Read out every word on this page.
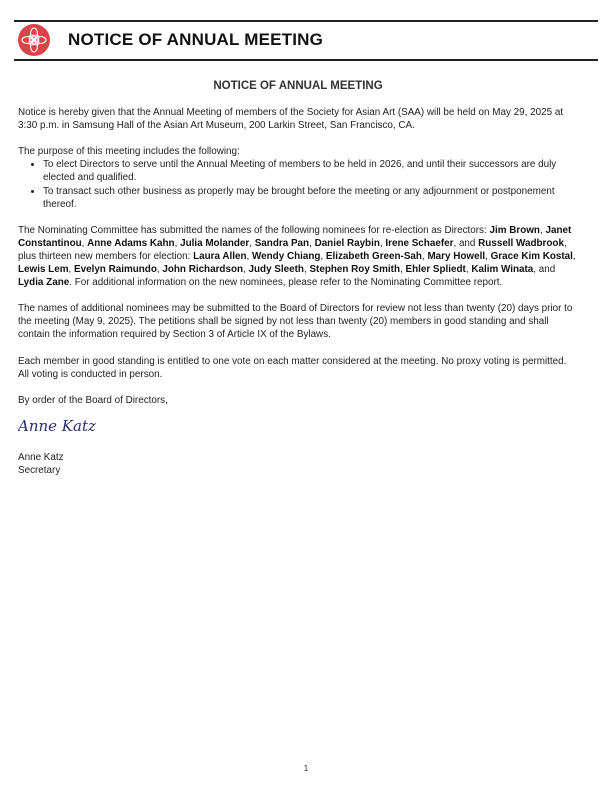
NOTICE OF ANNUAL MEETING
NOTICE OF ANNUAL MEETING

Notice is hereby given that the Annual Meeting of members of the Society for Asian Art (SAA) will be held on May 29, 2025 at 3:30 p.m. in Samsung Hall of the Asian Art Museum, 200 Larkin Street, San Francisco, CA.

The purpose of this meeting includes the following:
• To elect Directors to serve until the Annual Meeting of members to be held in 2026, and until their successors are duly elected and qualified.
• To transact such other business as properly may be brought before the meeting or any adjournment or postponement thereof.

The Nominating Committee has submitted the names of the following nominees for re-election as Directors: Jim Brown, Janet Constantinou, Anne Adams Kahn, Julia Molander, Sandra Pan, Daniel Raybin, Irene Schaefer, and Russell Wadbrook, plus thirteen new members for election: Laura Allen, Wendy Chiang, Elizabeth Green-Sah, Mary Howell, Grace Kim Kostal, Lewis Lem, Evelyn Raimundo, John Richardson, Judy Sleeth, Stephen Roy Smith, Ehler Spliedt, Kalim Winata, and Lydia Zane. For additional information on the new nominees, please refer to the Nominating Committee report.

The names of additional nominees may be submitted to the Board of Directors for review not less than twenty (20) days prior to the meeting (May 9, 2025). The petitions shall be signed by not less than twenty (20) members in good standing and shall contain the information required by Section 3 of Article IX of the Bylaws.

Each member in good standing is entitled to one vote on each matter considered at the meeting. No proxy voting is permitted. All voting is conducted in person.

By order of the Board of Directors,
Anne Katz
Anne Katz
Secretary
1
